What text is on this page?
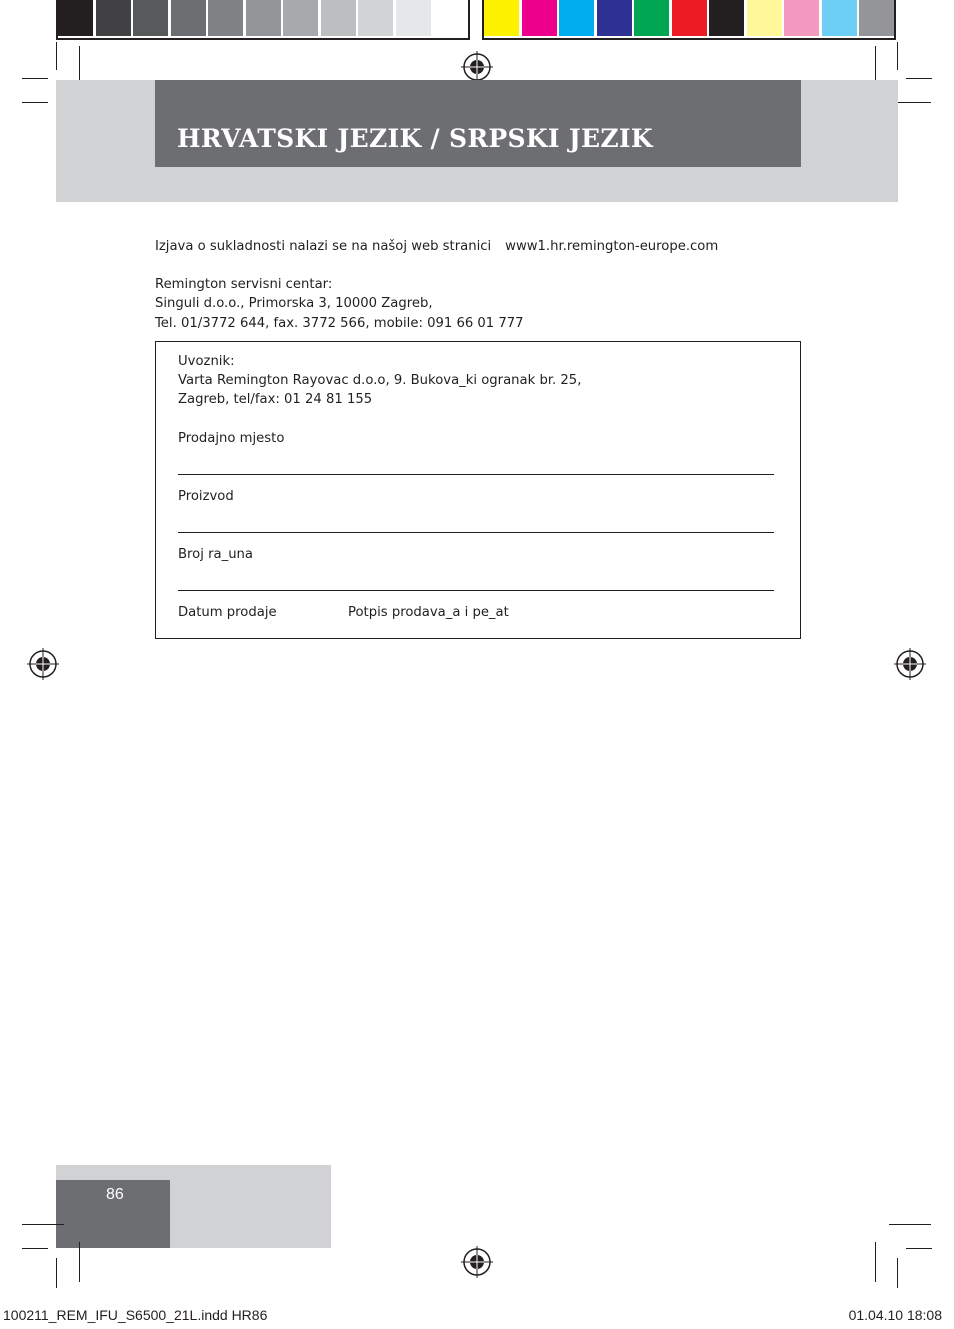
HRVATSKI JEZIK / SRPSKI JEZIK
Izjava o sukladnosti nalazi se na našoj web stranici www1.hr.remington-europe.com
Remington servisni centar:
Singuli d.o.o., Primorska 3, 10000 Zagreb,
Tel. 01/3772 644, fax. 3772 566, mobile: 091 66 01 777
Uvoznik:
Varta Remington Rayovac d.o.o, 9. Bukova_ki ogranak br. 25,
Zagreb, tel/fax: 01 24 81 155
Prodajno mjesto
Proizvod
Broj ra_una
Datum prodaje	Potpis prodava_a i pe_at
86
100211_REM_IFU_S6500_21L.indd HR86	01.04.10 18:08
